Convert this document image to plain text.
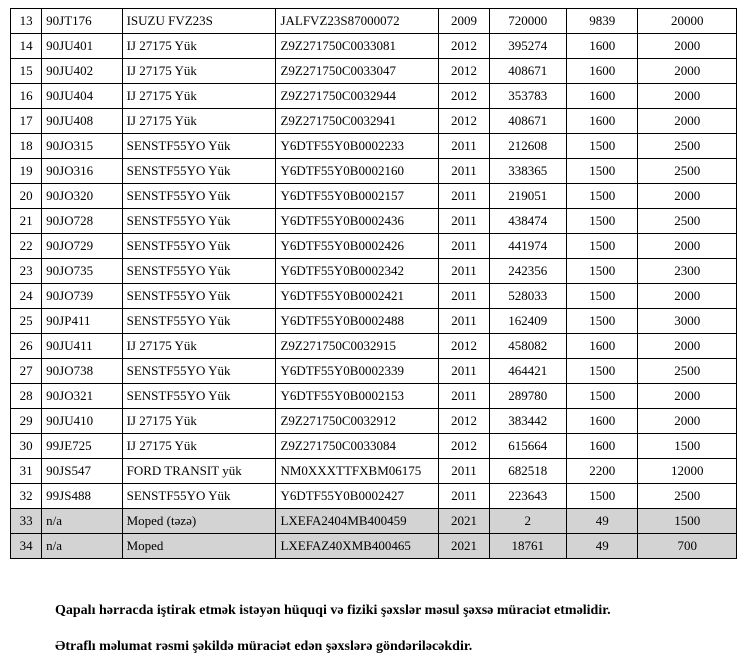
13	90JT176	ISUZU FVZ23S	JALFVZ23S87000072	2009	720000	9839	20000
14	90JU401	IJ 27175 Yük	Z9Z271750C0033081	2012	395274	1600	2000
15	90JU402	IJ 27175 Yük	Z9Z271750C0033047	2012	408671	1600	2000
16	90JU404	IJ 27175 Yük	Z9Z271750C0032944	2012	353783	1600	2000
17	90JU408	IJ 27175 Yük	Z9Z271750C0032941	2012	408671	1600	2000
18	90JO315	SENSTF55YO Yük	Y6DTF55Y0B0002233	2011	212608	1500	2500
19	90JO316	SENSTF55YO Yük	Y6DTF55Y0B0002160	2011	338365	1500	2500
20	90JO320	SENSTF55YO Yük	Y6DTF55Y0B0002157	2011	219051	1500	2000
21	90JO728	SENSTF55YO Yük	Y6DTF55Y0B0002436	2011	438474	1500	2500
22	90JO729	SENSTF55YO Yük	Y6DTF55Y0B0002426	2011	441974	1500	2000
23	90JO735	SENSTF55YO Yük	Y6DTF55Y0B0002342	2011	242356	1500	2300
24	90JO739	SENSTF55YO Yük	Y6DTF55Y0B0002421	2011	528033	1500	2000
25	90JP411	SENSTF55YO Yük	Y6DTF55Y0B0002488	2011	162409	1500	3000
26	90JU411	IJ 27175 Yük	Z9Z271750C0032915	2012	458082	1600	2000
27	90JO738	SENSTF55YO Yük	Y6DTF55Y0B0002339	2011	464421	1500	2500
28	90JO321	SENSTF55YO Yük	Y6DTF55Y0B0002153	2011	289780	1500	2000
29	90JU410	IJ 27175 Yük	Z9Z271750C0032912	2012	383442	1600	2000
30	99JE725	IJ 27175 Yük	Z9Z271750C0033084	2012	615664	1600	1500
31	90JS547	FORD TRANSIT yük	NM0XXXTTFXBM06175	2011	682518	2200	12000
32	99JS488	SENSTF55YO Yük	Y6DTF55Y0B0002427	2011	223643	1500	2500
33	n/a	Moped (təzə)	LXEFA2404MB400459	2021	2	49	1500
34	n/a	Moped	LXEFAZ40XMB400465	2021	18761	49	700

Qapalı hərracda iştirak etmək istəyən hüquqi və fiziki şəxslər məsul şəxsə müraciət etməlidir.

Ətraflı məlumat rəsmi şəkildə müraciət edən şəxslərə göndəriləcəkdir.
